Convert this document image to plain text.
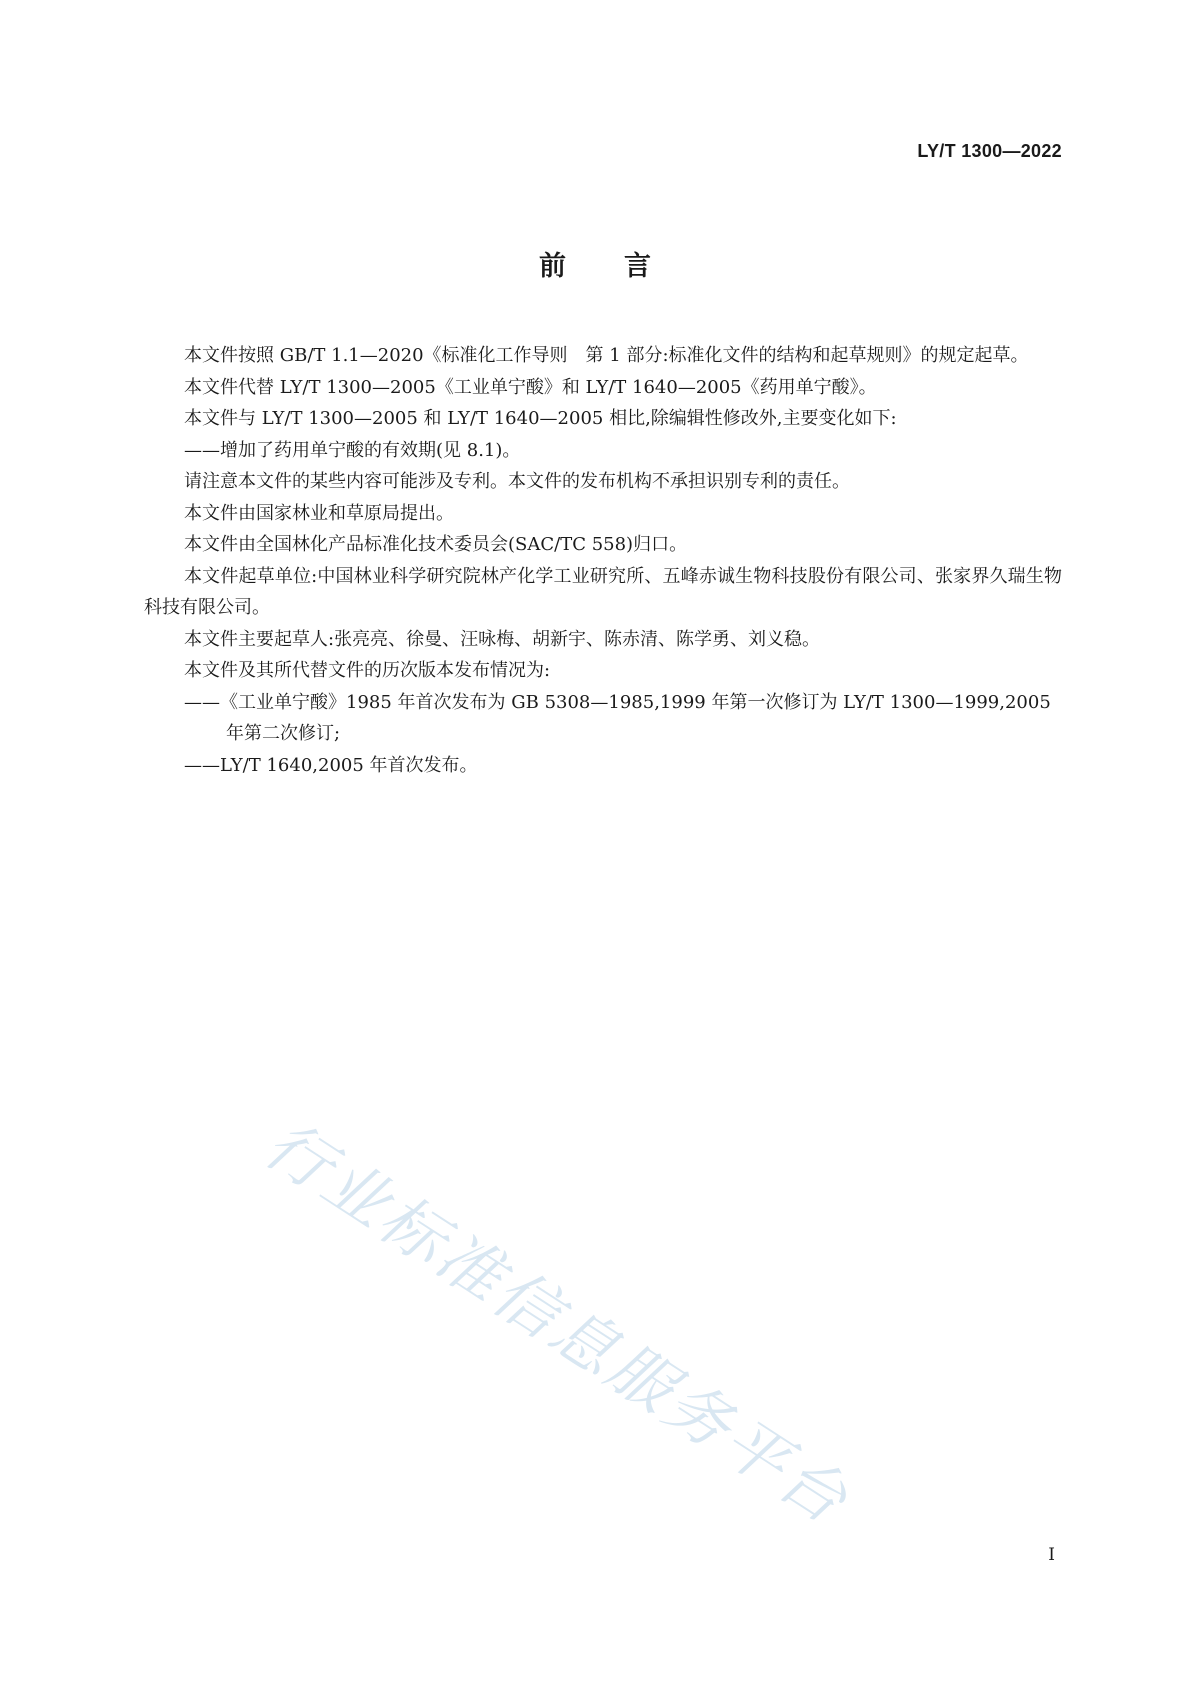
LY/T 1300—2022
前言

本文件按照 GB/T 1.1—2020《标准化工作导则　第 1 部分:标准化文件的结构和起草规则》的规定起草。

本文件代替 LY/T 1300—2005《工业单宁酸》和 LY/T 1640—2005《药用单宁酸》。

本文件与 LY/T 1300—2005 和 LY/T 1640—2005 相比,除编辑性修改外,主要变化如下:

——增加了药用单宁酸的有效期(见 8.1)。

请注意本文件的某些内容可能涉及专利。本文件的发布机构不承担识别专利的责任。

本文件由国家林业和草原局提出。

本文件由全国林化产品标准化技术委员会(SAC/TC 558)归口。

本文件起草单位:中国林业科学研究院林产化学工业研究所、五峰赤诚生物科技股份有限公司、张家界久瑞生物科技有限公司。

本文件主要起草人:张亮亮、徐曼、汪咏梅、胡新宇、陈赤清、陈学勇、刘义稳。

本文件及其所代替文件的历次版本发布情况为:

——《工业单宁酸》1985 年首次发布为 GB 5308—1985,1999 年第一次修订为 LY/T 1300—1999,2005 年第二次修订;

——LY/T 1640,2005 年首次发布。

行业标准信息服务平台
I
